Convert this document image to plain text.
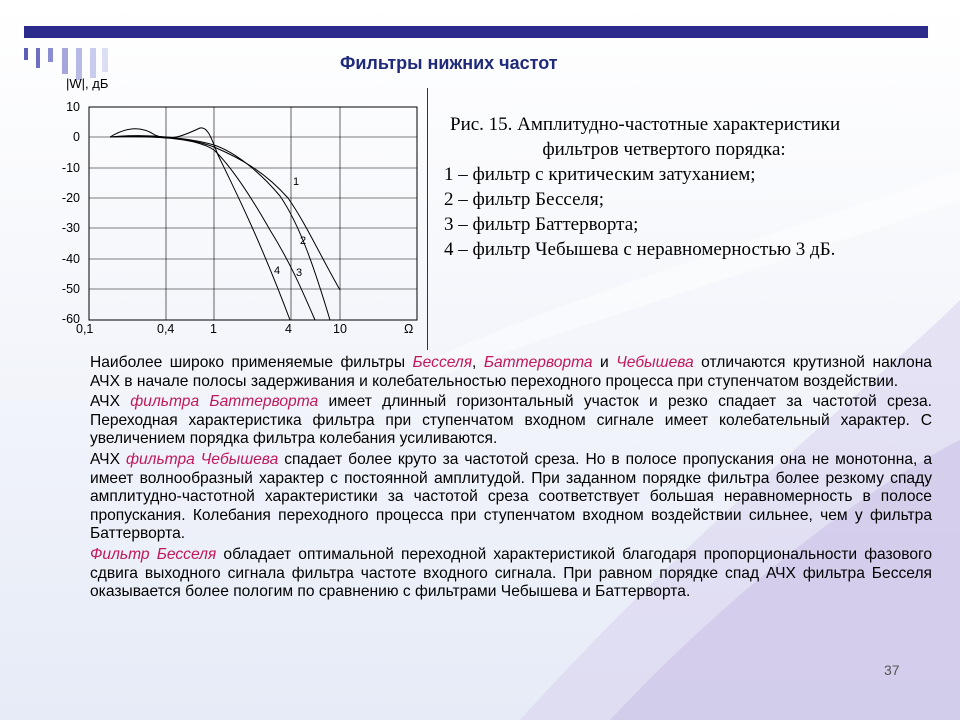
Фильтры нижних частот
|W|, дБ
10
0
-10
-20
-30
-40
-50
-60
0,1	0,4	1	4	10	Ω
1
2
3
4
Рис. 15. Амплитудно-частотные характеристики
фильтров четвертого порядка:
1 – фильтр с критическим затуханием;
2 – фильтр Бесселя;
3 – фильтр Баттерворта;
4 – фильтр Чебышева с неравномерностью 3 дБ.

Наиболее широко применяемые фильтры Бесселя, Баттерворта и Чебышева отличаются крутизной наклона АЧХ в начале полосы задерживания и колебательностью переходного процесса при ступенчатом воздействии.

АЧХ фильтра Баттерворта имеет длинный горизонтальный участок и резко спадает за частотой среза. Переходная характеристика фильтра при ступенчатом входном сигнале имеет колебательный характер. С увеличением порядка фильтра колебания усиливаются.

АЧХ фильтра Чебышева спадает более круто за частотой среза. Но в полосе пропускания она не монотонна, а имеет волнообразный характер с постоянной амплитудой. При заданном порядке фильтра более резкому спаду амплитудно-частотной характеристики за частотой среза соответствует большая неравномерность в полосе пропускания. Колебания переходного процесса при ступенчатом входном воздействии сильнее, чем у фильтра Баттерворта.

Фильтр Бесселя обладает оптимальной переходной характеристикой благодаря пропорциональности фазового сдвига выходного сигнала фильтра частоте входного сигнала. При равном порядке спад АЧХ фильтра Бесселя оказывается более пологим по сравнению с фильтрами Чебышева и Баттерворта.

37
